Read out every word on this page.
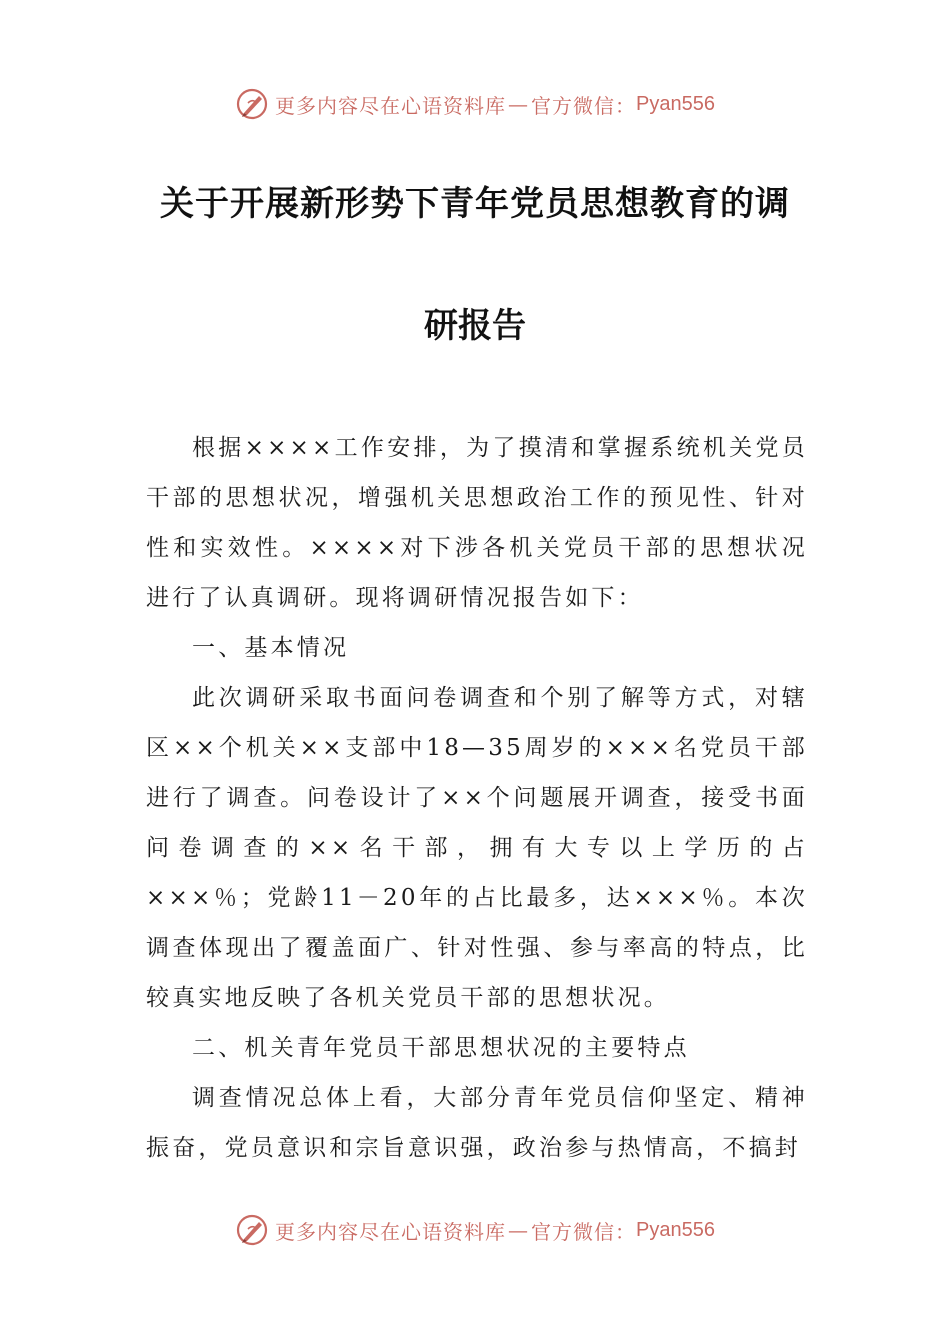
更多内容尽在心语资料库 — 官方微信： Pyan556
关于开展新形势下青年党员思想教育的调
研报告

根据××××工作安排，为了摸清和掌握系统机关党员干部的思想状况，增强机关思想政治工作的预见性、针对性和实效性。××××对下涉各机关党员干部的思想状况进行了认真调研。现将调研情况报告如下：

一、基本情况

此次调研采取书面问卷调查和个别了解等方式，对辖区××个机关××支部中18—35周岁的×××名党员干部进行了调查。问卷设计了××个问题展开调查，接受书面问卷调查的××名干部，拥有大专以上学历的占×××％；党龄11－20年的占比最多，达×××％。本次调查体现出了覆盖面广、针对性强、参与率高的特点，比较真实地反映了各机关党员干部的思想状况。

二、机关青年党员干部思想状况的主要特点

调查情况总体上看，大部分青年党员信仰坚定、精神振奋，党员意识和宗旨意识强，政治参与热情高，不搞封

更多内容尽在心语资料库 — 官方微信： Pyan556
